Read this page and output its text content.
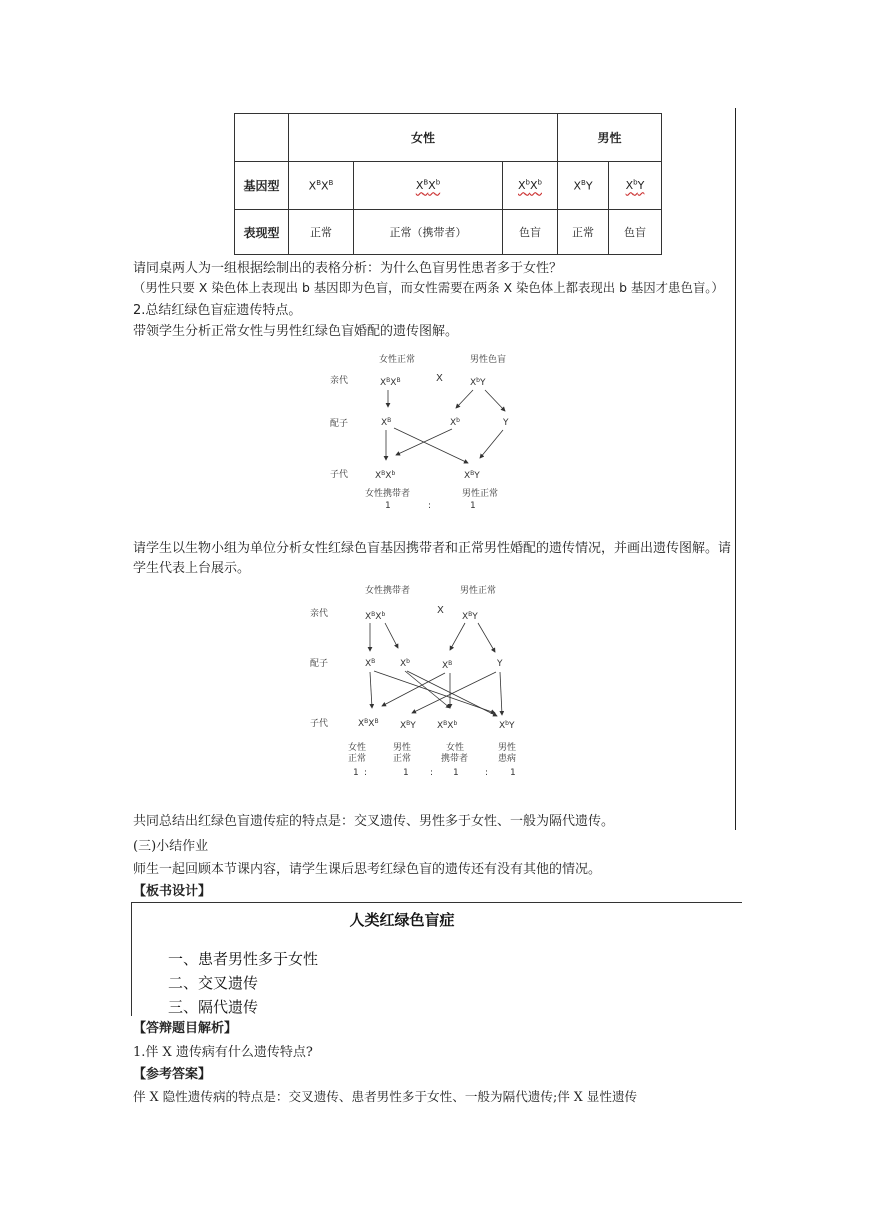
	女性			男性	
基因型	$X^BX^B$	$X^BX^b$	$X^bX^b$	$X^BY$	$X^bY$
表现型	正常	正常（携带者）	色盲	正常	色盲
请同桌两人为一组根据绘制出的表格分析：为什么色盲男性患者多于女性？
（男性只要 X 染色体上表现出 b 基因即为色盲，而女性需要在两条 X 染色体上都表现出 b 基因才患色盲。）
2.总结红绿色盲症遗传特点。
带领学生分析正常女性与男性红绿色盲婚配的遗传图解。
女性正常	男性色盲
亲代	$X^BX^B$	X	$X^bY$
配子	$X^B$	$X^b$	Y
子代	$X^BX^b$	$X^BY$
女性携带者	男性正常
1	:	1
请学生以生物小组为单位分析女性红绿色盲基因携带者和正常男性婚配的遗传情况，并画出遗传图解。请
学生代表上台展示。
女性携带者	男性正常
亲代	$X^BX^b$	X
$X^BY$
配子	$X^B$	$X^b$	$X^B$	Y
子代	$X^BX^B$ $X^BY$ $X^BX^b$	$X^bY$
女性
正常
男性
正常
女性
携带者
男性
患病
1 :	1 : 1	: 1
共同总结出红绿色盲遗传症的特点是：交叉遗传、男性多于女性、一般为隔代遗传。
(三)小结作业
师生一起回顾本节课内容，请学生课后思考红绿色盲的遗传还有没有其他的情况。
【板书设计】
人类红绿色盲症
一、患者男性多于女性
二、交叉遗传
三、隔代遗传
【答辩题目解析】
1.伴 X 遗传病有什么遗传特点?
【参考答案】
伴 X 隐性遗传病的特点是：交叉遗传、患者男性多于女性、一般为隔代遗传;伴 X 显性遗传
